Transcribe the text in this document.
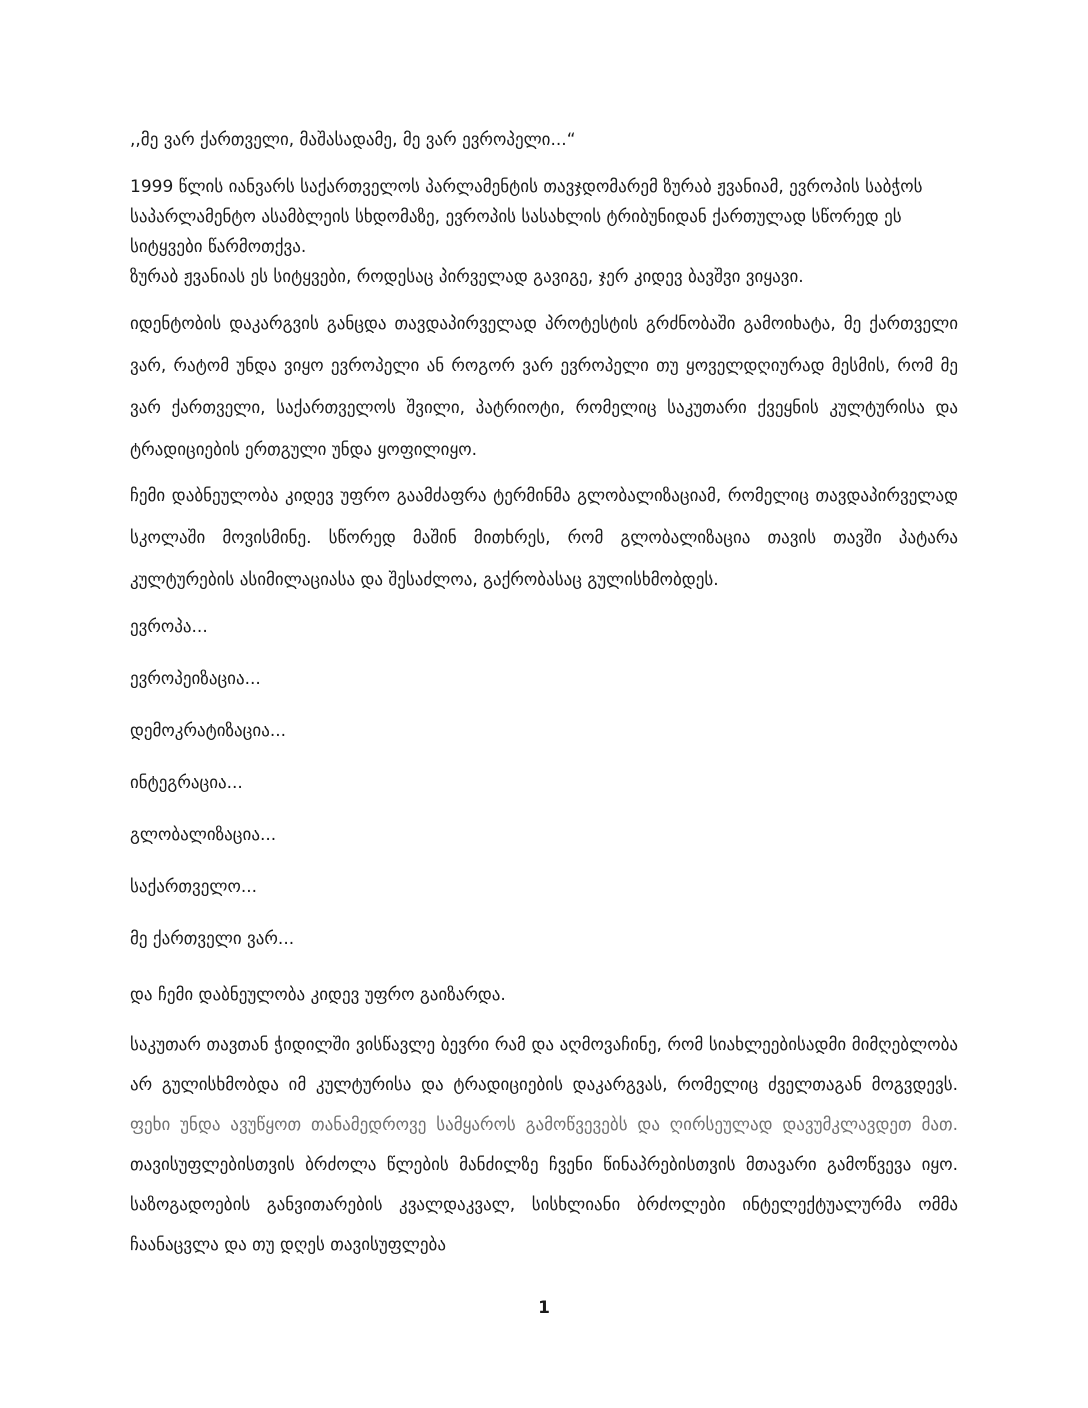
,,მე ვარ ქართველი, მაშასადამე, მე ვარ ევროპელი...“

1999 წლის იანვარს საქართველოს პარლამენტის თავჯდომარემ ზურაბ ჟვანიამ, ევროპის საბჭოს საპარლამენტო ასამბლეის სხდომაზე, ევროპის სასახლის ტრიბუნიდან ქართულად სწორედ ეს სიტყვები წარმოთქვა.

ზურაბ ჟვანიას ეს სიტყვები, როდესაც პირველად გავიგე, ჯერ კიდევ ბავშვი ვიყავი.

იდენტობის დაკარგვის განცდა თავდაპირველად პროტესტის გრძნობაში გამოიხატა, მე ქართველი ვარ, რატომ უნდა ვიყო ევროპელი ან როგორ ვარ ევროპელი თუ ყოველდღიურად მესმის, რომ მე ვარ ქართველი, საქართველოს შვილი, პატრიოტი, რომელიც საკუთარი ქვეყნის კულტურისა და ტრადიციების ერთგული უნდა ყოფილიყო.

ჩემი დაბნეულობა კიდევ უფრო გაამძაფრა ტერმინმა გლობალიზაციამ, რომელიც თავდაპირველად სკოლაში მოვისმინე. სწორედ მაშინ მითხრეს, რომ გლობალიზაცია თავის თავში პატარა კულტურების ასიმილაციასა და შესაძლოა, გაქრობასაც გულისხმობდეს.

ევროპა...

ევროპეიზაცია...

დემოკრატიზაცია...

ინტეგრაცია...

გლობალიზაცია...

საქართველო...

მე ქართველი ვარ...

და ჩემი დაბნეულობა კიდევ უფრო გაიზარდა.

საკუთარ თავთან ჭიდილში ვისწავლე ბევრი რამ და აღმოვაჩინე, რომ სიახლეებისადმი მიმღებლობა არ გულისხმობდა იმ კულტურისა და ტრადიციების დაკარგვას, რომელიც ძველთაგან მოგვდევს. ფეხი უნდა ავუწყოთ თანამედროვე სამყაროს გამოწვევებს და ღირსეულად დავუმკლავდეთ მათ. თავისუფლებისთვის ბრძოლა წლების მანძილზე ჩვენი წინაპრებისთვის მთავარი გამოწვევა იყო. საზოგადოების განვითარების კვალდაკვალ, სისხლიანი ბრძოლები ინტელექტუალურმა ომმა ჩაანაცვლა და თუ დღეს თავისუფლება

1
